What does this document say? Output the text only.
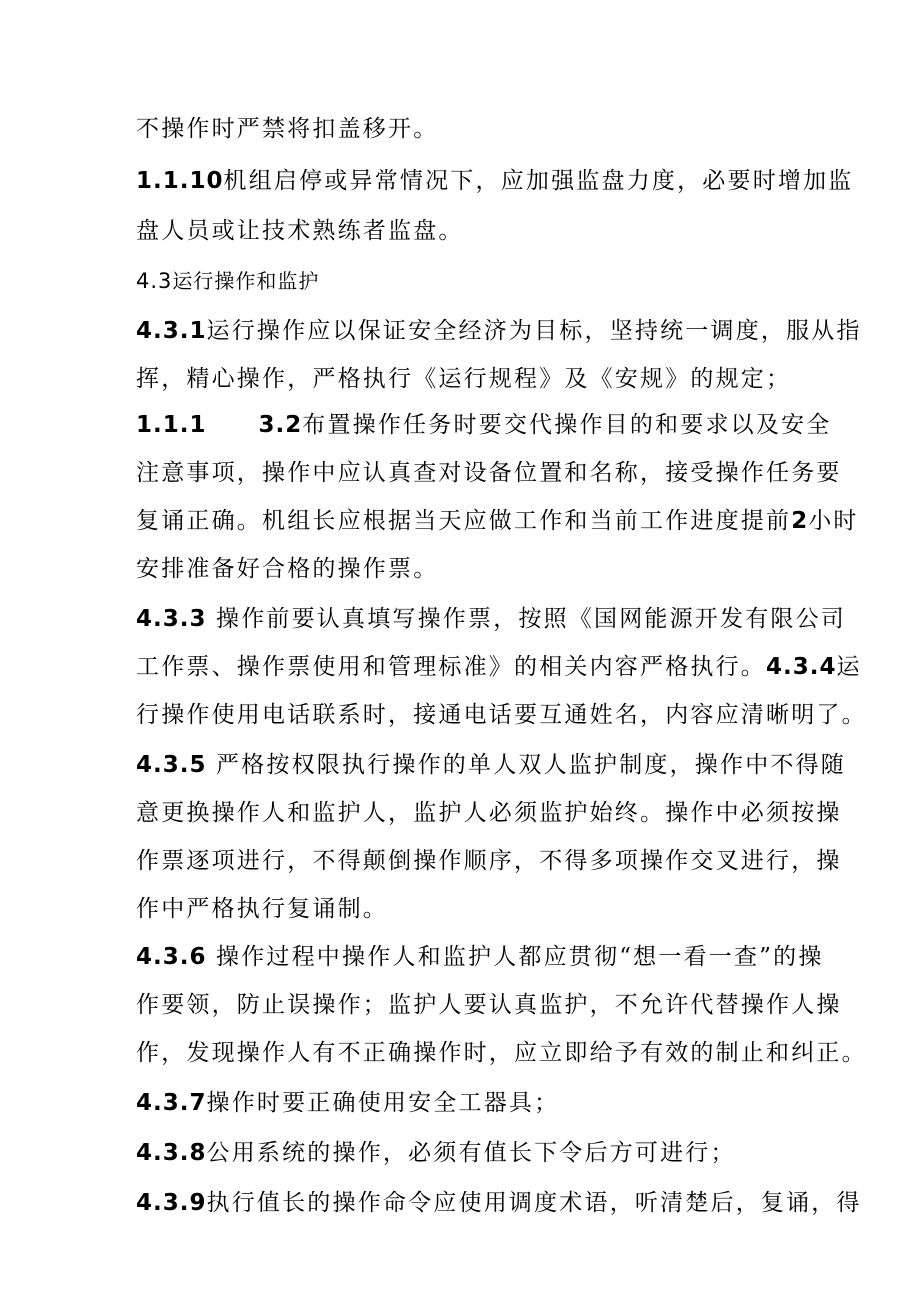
不操作时严禁将扣盖移开。
1.1.10机组启停或异常情况下，应加强监盘力度，必要时增加监
盘人员或让技术熟练者监盘。
4.3运行操作和监护
4.3.1运行操作应以保证安全经济为目标，坚持统一调度，服从指
挥，精心操作，严格执行《运行规程》及《安规》的规定；
1.1.1 3.2布置操作任务时要交代操作目的和要求以及安全
注意事项，操作中应认真查对设备位置和名称，接受操作任务要
复诵正确。机组长应根据当天应做工作和当前工作进度提前2小时
安排准备好合格的操作票。
4.3.3 操作前要认真填写操作票，按照《国网能源开发有限公司
工作票、操作票使用和管理标准》的相关内容严格执行。4.3.4运
行操作使用电话联系时，接通电话要互通姓名，内容应清晰明了。
4.3.5 严格按权限执行操作的单人双人监护制度，操作中不得随
意更换操作人和监护人，监护人必须监护始终。操作中必须按操
作票逐项进行，不得颠倒操作顺序，不得多项操作交叉进行，操
作中严格执行复诵制。
4.3.6 操作过程中操作人和监护人都应贯彻“想一看一查”的操
作要领，防止误操作；监护人要认真监护，不允许代替操作人操
作，发现操作人有不正确操作时，应立即给予有效的制止和纠正。
4.3.7操作时要正确使用安全工器具；
4.3.8公用系统的操作，必须有值长下令后方可进行；
4.3.9执行值长的操作命令应使用调度术语，听清楚后，复诵，得
